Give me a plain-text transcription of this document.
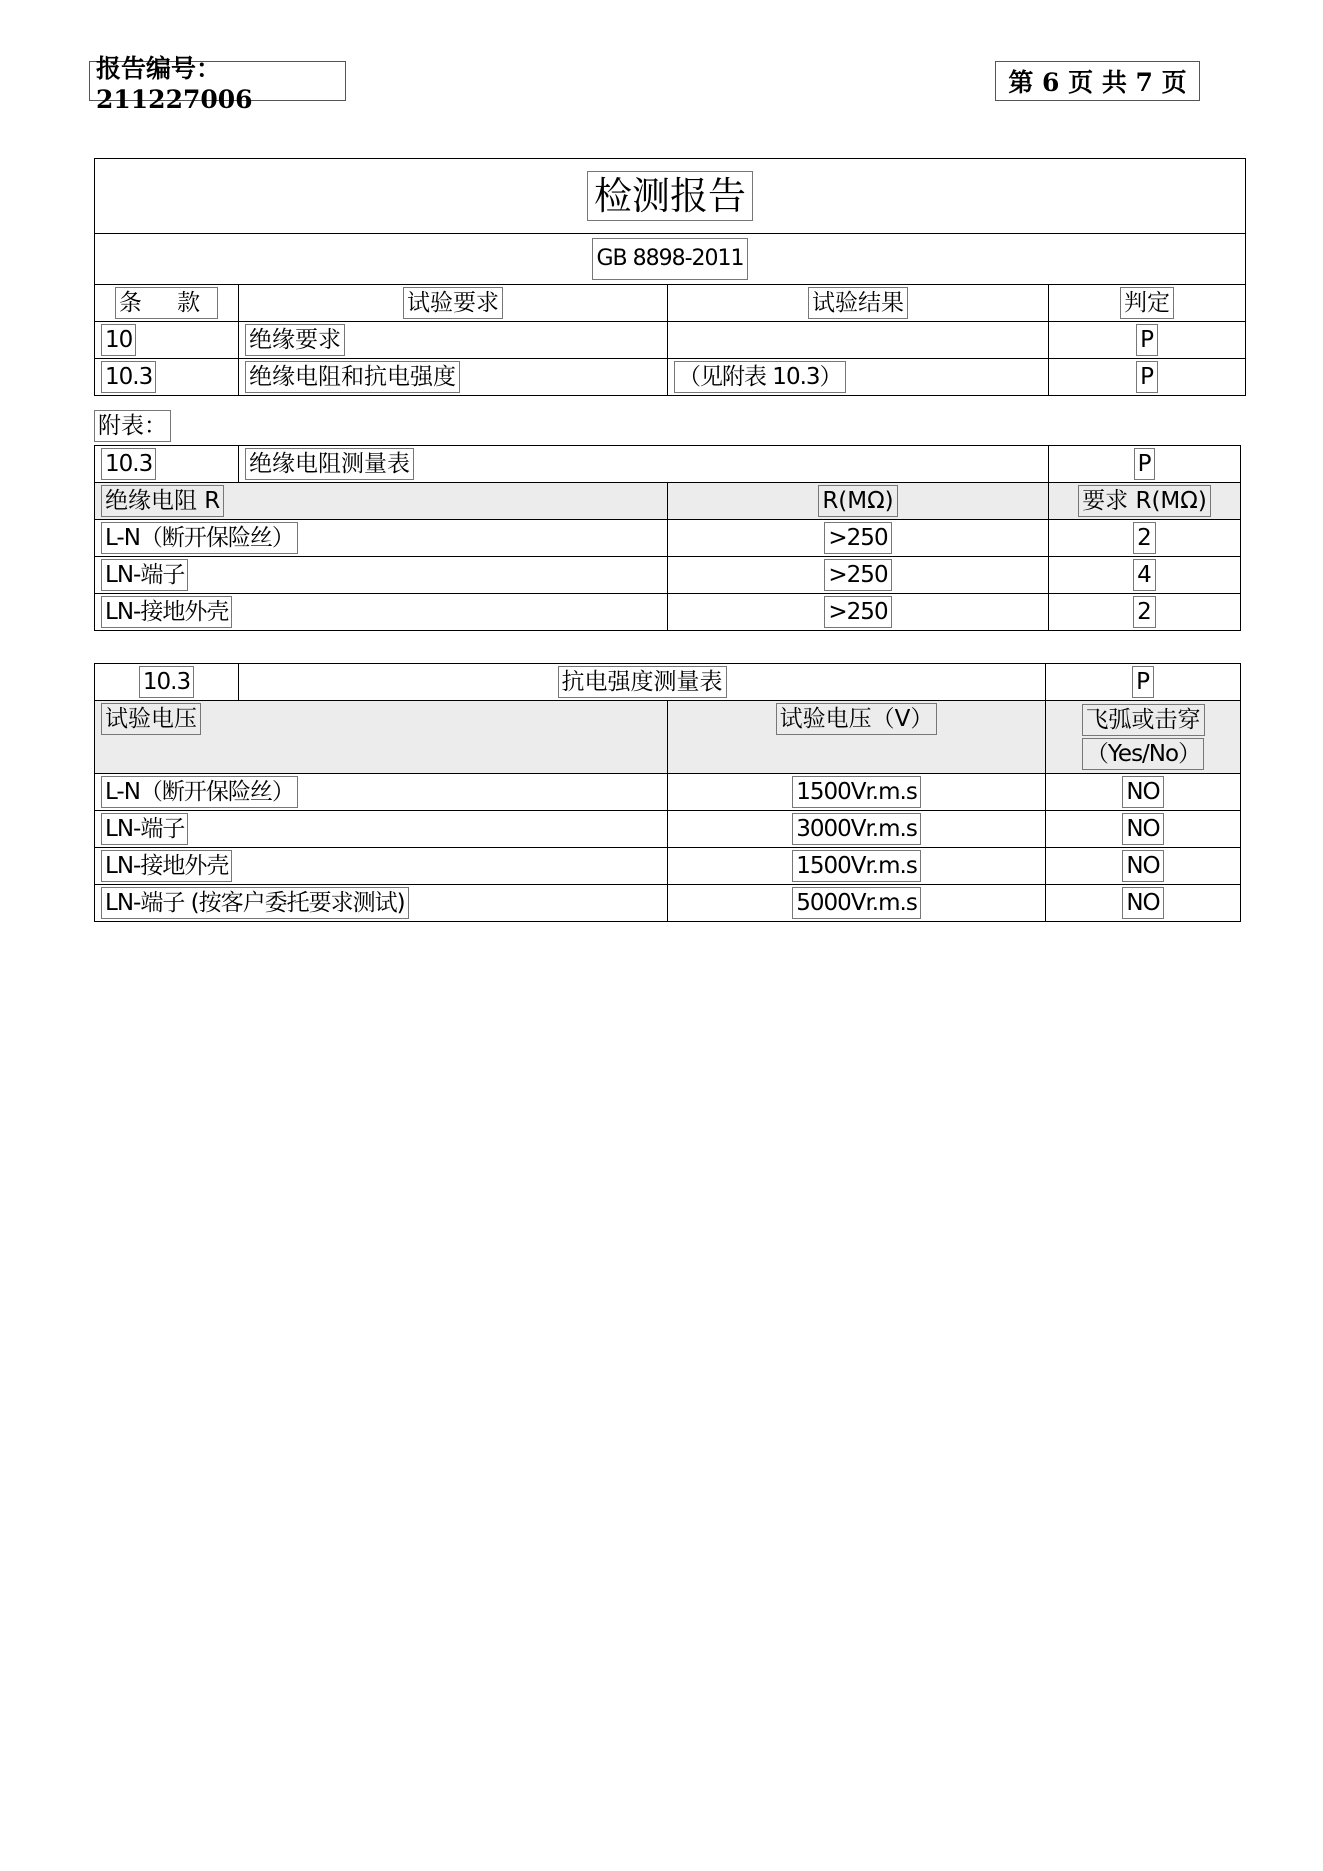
报告编号：211227006
第 6 页 共 7 页
检测报告			
GB 8898-2011			
条 款	试验要求	试验结果	判定
10	绝缘要求		P
10.3	绝缘电阻和抗电强度	（见附表 10.3）	P
附表：
10.3	绝缘电阻测量表		P
绝缘电阻 R		R(MΩ)	要求 R(MΩ)
L-N（断开保险丝）		>250	2
LN-端子		>250	4
LN-接地外壳		>250	2
10.3	抗电强度测量表		P
试验电压		试验电压（V）	飞弧或击穿
（Yes/No）
L-N（断开保险丝）		1500Vr.m.s	NO
LN-端子		3000Vr.m.s	NO
LN-接地外壳		1500Vr.m.s	NO
LN-端子 (按客户委托要求测试)		5000Vr.m.s	NO
